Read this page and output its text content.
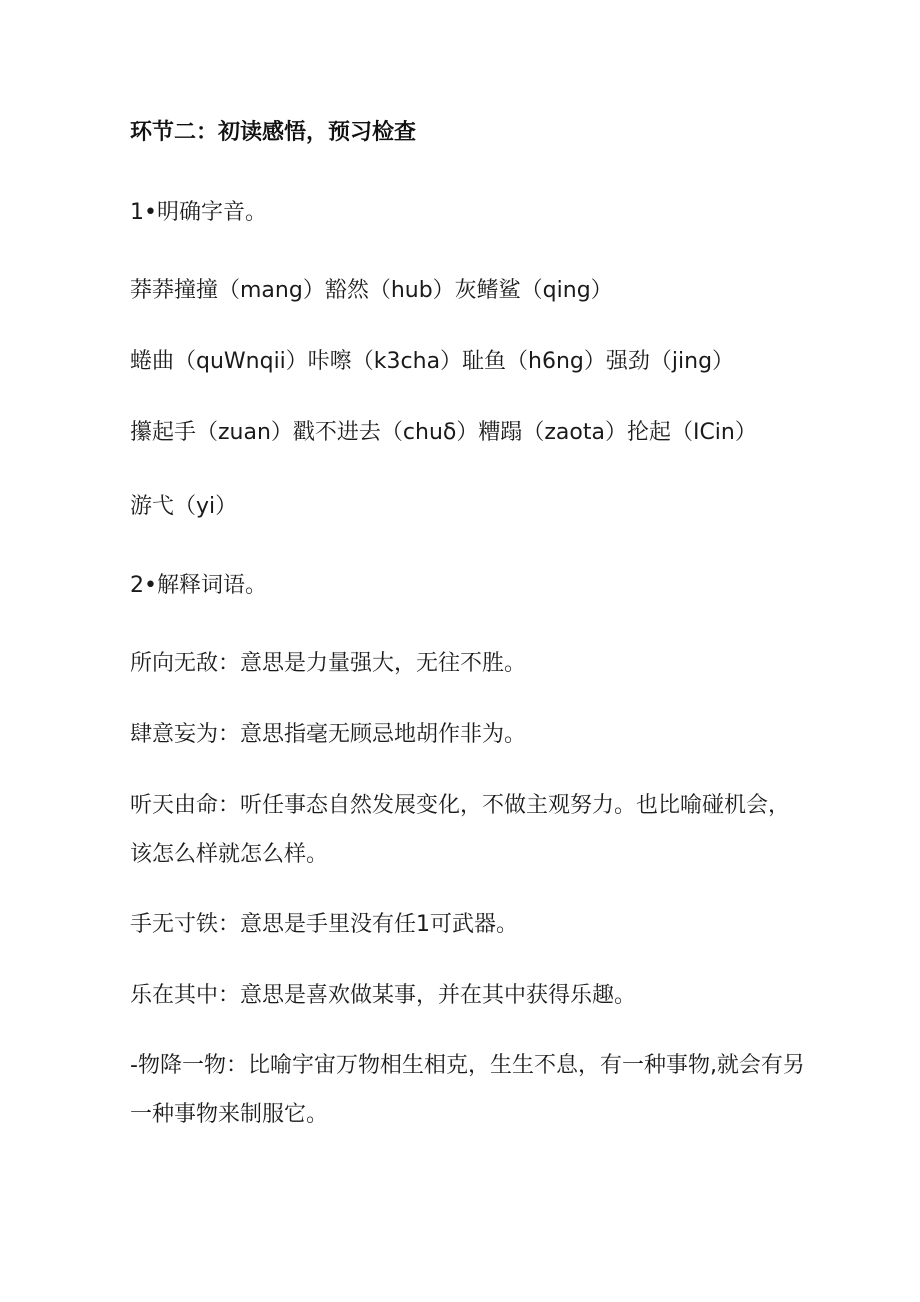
环节二：初读感悟，预习检查
1•明确字音。
莽莽撞撞（mang）豁然（hub）灰鳍鲨（qing）
蜷曲（quWnqii）咔嚓（k3cha）耻鱼（h6ng）强劲（jing）
攥起手（zuan）戳不进去（chuδ）糟蹋（zaota）抡起（ICin）
游弋（yi）
2•解释词语。
所向无敌：意思是力量强大，无往不胜。
肆意妄为：意思指毫无顾忌地胡作非为。
听天由命：听任事态自然发展变化，不做主观努力。也比喻碰机会，
该怎么样就怎么样。
手无寸铁：意思是手里没有任1可武器。
乐在其中：意思是喜欢做某事，并在其中获得乐趣。
-物降一物：比喻宇宙万物相生相克，生生不息，有一种事物,就会有另
一种事物来制服它。
